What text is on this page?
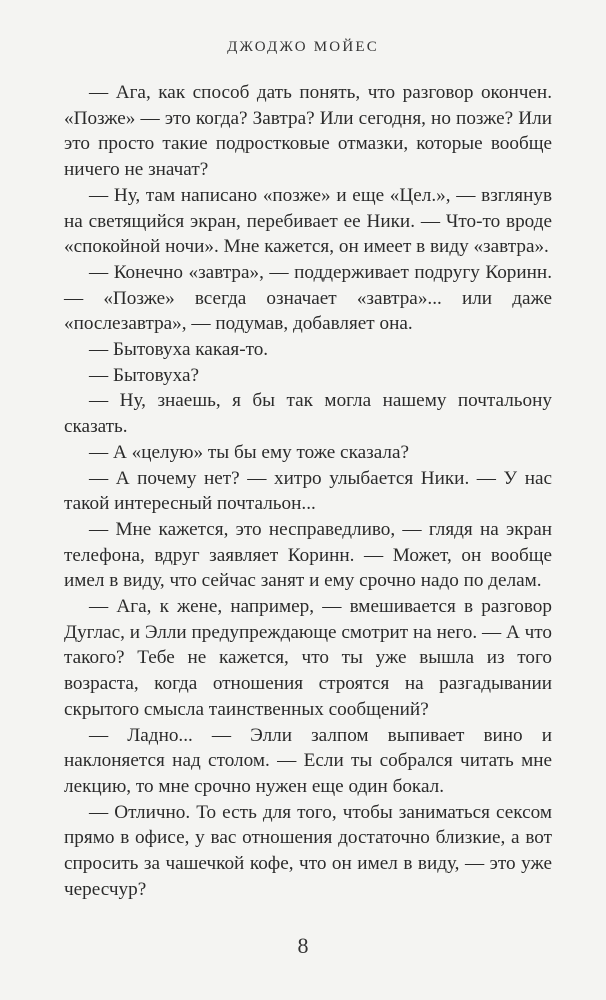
ДЖОДЖО МОЙЕС

— Ага, как способ дать понять, что разговор окончен. «Позже» — это когда? Завтра? Или сегодня, но позже? Или это просто такие подростковые отмазки, которые вообще ничего не значат?

— Ну, там написано «позже» и еще «Цел.», — взглянув на светящийся экран, перебивает ее Ники. — Что-то вроде «спокойной ночи». Мне кажется, он имеет в виду «завтра».

— Конечно «завтра», — поддерживает подругу Коринн. — «Позже» всегда означает «завтра»... или даже «послезавтра», — подумав, добавляет она.

— Бытовуха какая-то.

— Бытовуха?

— Ну, знаешь, я бы так могла нашему почтальону сказать.

— А «целую» ты бы ему тоже сказала?

— А почему нет? — хитро улыбается Ники. — У нас такой интересный почтальон...

— Мне кажется, это несправедливо, — глядя на экран телефона, вдруг заявляет Коринн. — Может, он вообще имел в виду, что сейчас занят и ему срочно надо по делам.

— Ага, к жене, например, — вмешивается в разговор Дуглас, и Элли предупреждающе смотрит на него. — А что такого? Тебе не кажется, что ты уже вышла из того возраста, когда отношения строятся на разгадывании скрытого смысла таинственных сообщений?

— Ладно... — Элли залпом выпивает вино и наклоняется над столом. — Если ты собрался читать мне лекцию, то мне срочно нужен еще один бокал.

— Отлично. То есть для того, чтобы заниматься сексом прямо в офисе, у вас отношения достаточно близкие, а вот спросить за чашечкой кофе, что он имел в виду, — это уже чересчур?

8
